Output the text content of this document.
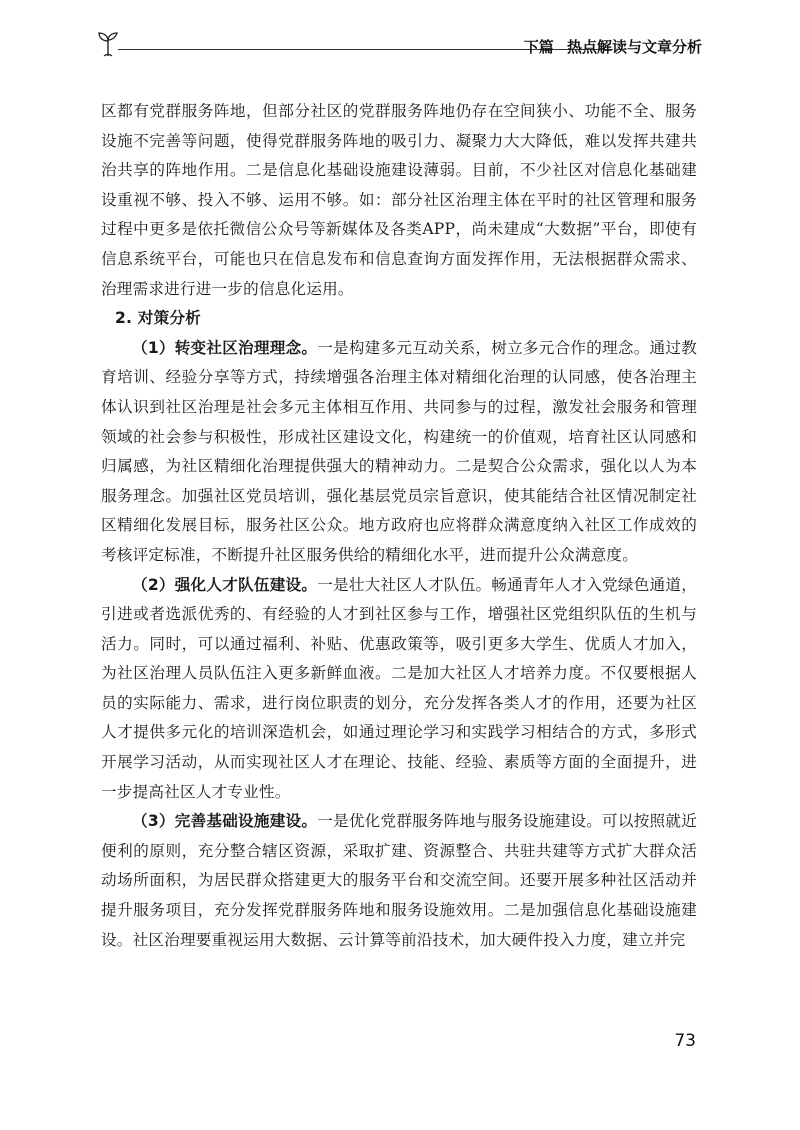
下篇 热点解读与文章分析

区都有党群服务阵地，但部分社区的党群服务阵地仍存在空间狭小、功能不全、服务设施不完善等问题，使得党群服务阵地的吸引力、凝聚力大大降低，难以发挥共建共治共享的阵地作用。二是信息化基础设施建设薄弱。目前，不少社区对信息化基础建设重视不够、投入不够、运用不够。如：部分社区治理主体在平时的社区管理和服务过程中更多是依托微信公众号等新媒体及各类APP，尚未建成“大数据”平台，即使有信息系统平台，可能也只在信息发布和信息查询方面发挥作用，无法根据群众需求、治理需求进行进一步的信息化运用。

2. 对策分析

（1）转变社区治理理念。一是构建多元互动关系，树立多元合作的理念。通过教育培训、经验分享等方式，持续增强各治理主体对精细化治理的认同感，使各治理主体认识到社区治理是社会多元主体相互作用、共同参与的过程，激发社会服务和管理领域的社会参与积极性，形成社区建设文化，构建统一的价值观，培育社区认同感和归属感，为社区精细化治理提供强大的精神动力。二是契合公众需求，强化以人为本服务理念。加强社区党员培训，强化基层党员宗旨意识，使其能结合社区情况制定社区精细化发展目标，服务社区公众。地方政府也应将群众满意度纳入社区工作成效的考核评定标准，不断提升社区服务供给的精细化水平，进而提升公众满意度。

（2）强化人才队伍建设。一是壮大社区人才队伍。畅通青年人才入党绿色通道，引进或者选派优秀的、有经验的人才到社区参与工作，增强社区党组织队伍的生机与活力。同时，可以通过福利、补贴、优惠政策等，吸引更多大学生、优质人才加入，为社区治理人员队伍注入更多新鲜血液。二是加大社区人才培养力度。不仅要根据人员的实际能力、需求，进行岗位职责的划分，充分发挥各类人才的作用，还要为社区人才提供多元化的培训深造机会，如通过理论学习和实践学习相结合的方式，多形式开展学习活动，从而实现社区人才在理论、技能、经验、素质等方面的全面提升，进一步提高社区人才专业性。

（3）完善基础设施建设。一是优化党群服务阵地与服务设施建设。可以按照就近便利的原则，充分整合辖区资源，采取扩建、资源整合、共驻共建等方式扩大群众活动场所面积，为居民群众搭建更大的服务平台和交流空间。还要开展多种社区活动并提升服务项目，充分发挥党群服务阵地和服务设施效用。二是加强信息化基础设施建设。社区治理要重视运用大数据、云计算等前沿技术，加大硬件投入力度，建立并完

73
